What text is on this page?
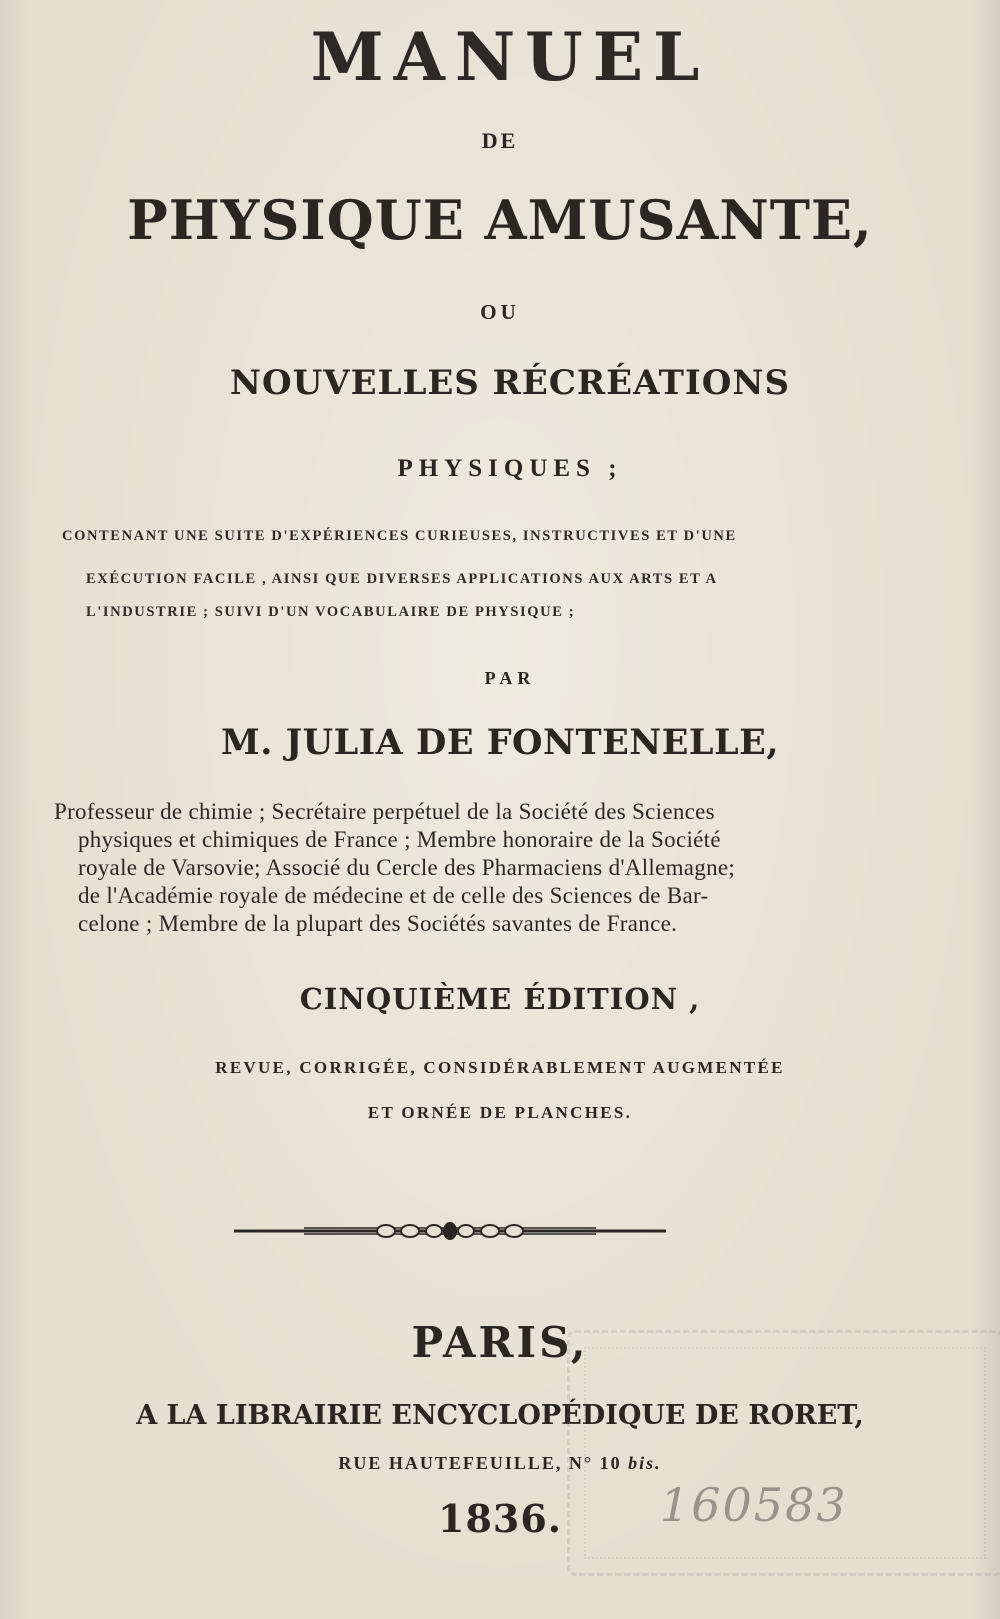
MANUEL
DE
PHYSIQUE AMUSANTE,
OU
NOUVELLES RÉCRÉATIONS
PHYSIQUES ;
CONTENANT UNE SUITE D'EXPÉRIENCES CURIEUSES, INSTRUCTIVES ET D'UNE
EXÉCUTION FACILE , AINSI QUE DIVERSES APPLICATIONS AUX ARTS ET A
L'INDUSTRIE ; SUIVI D'UN VOCABULAIRE DE PHYSIQUE ;
PAR
M. JULIA DE FONTENELLE,
Professeur de chimie ; Secrétaire perpétuel de la Société des Sciences
physiques et chimiques de France ; Membre honoraire de la Société
royale de Varsovie; Associé du Cercle des Pharmaciens d'Allemagne;
de l'Académie royale de médecine et de celle des Sciences de Bar-
celone ; Membre de la plupart des Sociétés savantes de France.
CINQUIÈME ÉDITION ,
REVUE, CORRIGÉE, CONSIDÉRABLEMENT AUGMENTÉE
ET ORNÉE DE PLANCHES.
PARIS,
A LA LIBRAIRIE ENCYCLOPÉDIQUE DE RORET,
RUE HAUTEFEUILLE, N° 10 bis.
1836.	160583
